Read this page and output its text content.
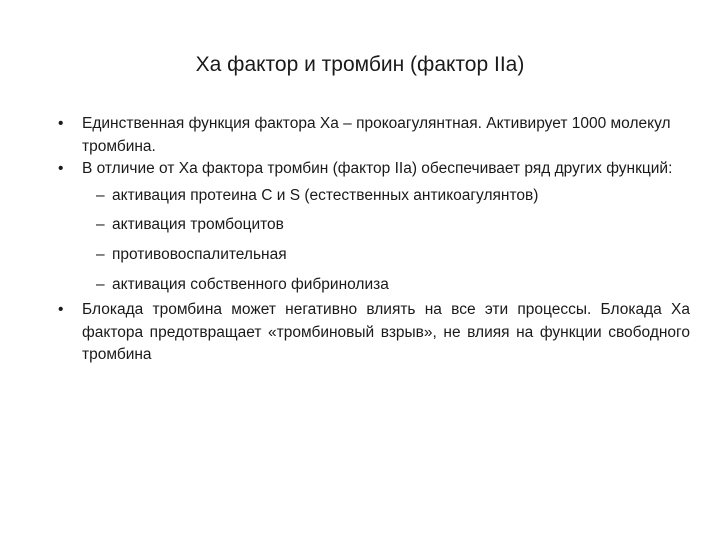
Xa фактор и тромбин (фактор IIa)
• Единственная функция фактора Xa – прокоагулянтная. Активирует 1000 молекул тромбина.
• В отличие от Xa фактора тромбин (фактор IIa) обеспечивает ряд других функций:
– активация протеина C и S (естественных антикоагулянтов)
– активация тромбоцитов
– противовоспалительная
– активация собственного фибринолиза
• Блокада тромбина может негативно влиять на все эти процессы. Блокада Xa фактора предотвращает «тромбиновый взрыв», не влияя на функции свободного тромбина
